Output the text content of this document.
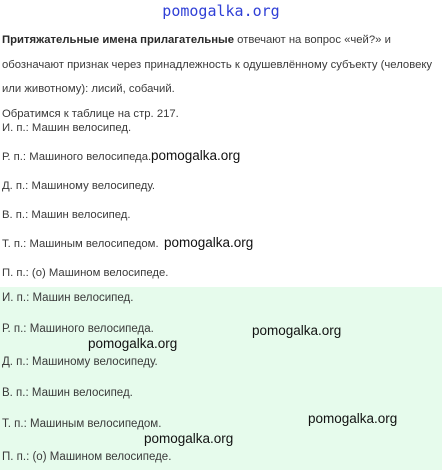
pomogalka.org
Притяжательные имена прилагательные отвечают на вопрос «чей?» и обозначают признак через принадлежность к одушевлённому субъекту (человеку или животному): лисий, собачий.
Обратимся к таблице на стр. 217.
И. п.: Машин велосипед.
Р. п.: Машиного велосипеда.
Д. п.: Машиному велосипеду.
В. п.: Машин велосипед.
Т. п.: Машиным велосипедом.
П. п.: (о) Машином велосипеде.
И. п.: Машин велосипед.
Р. п.: Машиного велосипеда.
Д. п.: Машиному велосипеду.
В. п.: Машин велосипед.
Т. п.: Машиным велосипедом.
П. п.: (о) Машином велосипеде.
pomogalka.org
pomogalka.org
pomogalka.org
pomogalka.org
pomogalka.org
pomogalka.org
